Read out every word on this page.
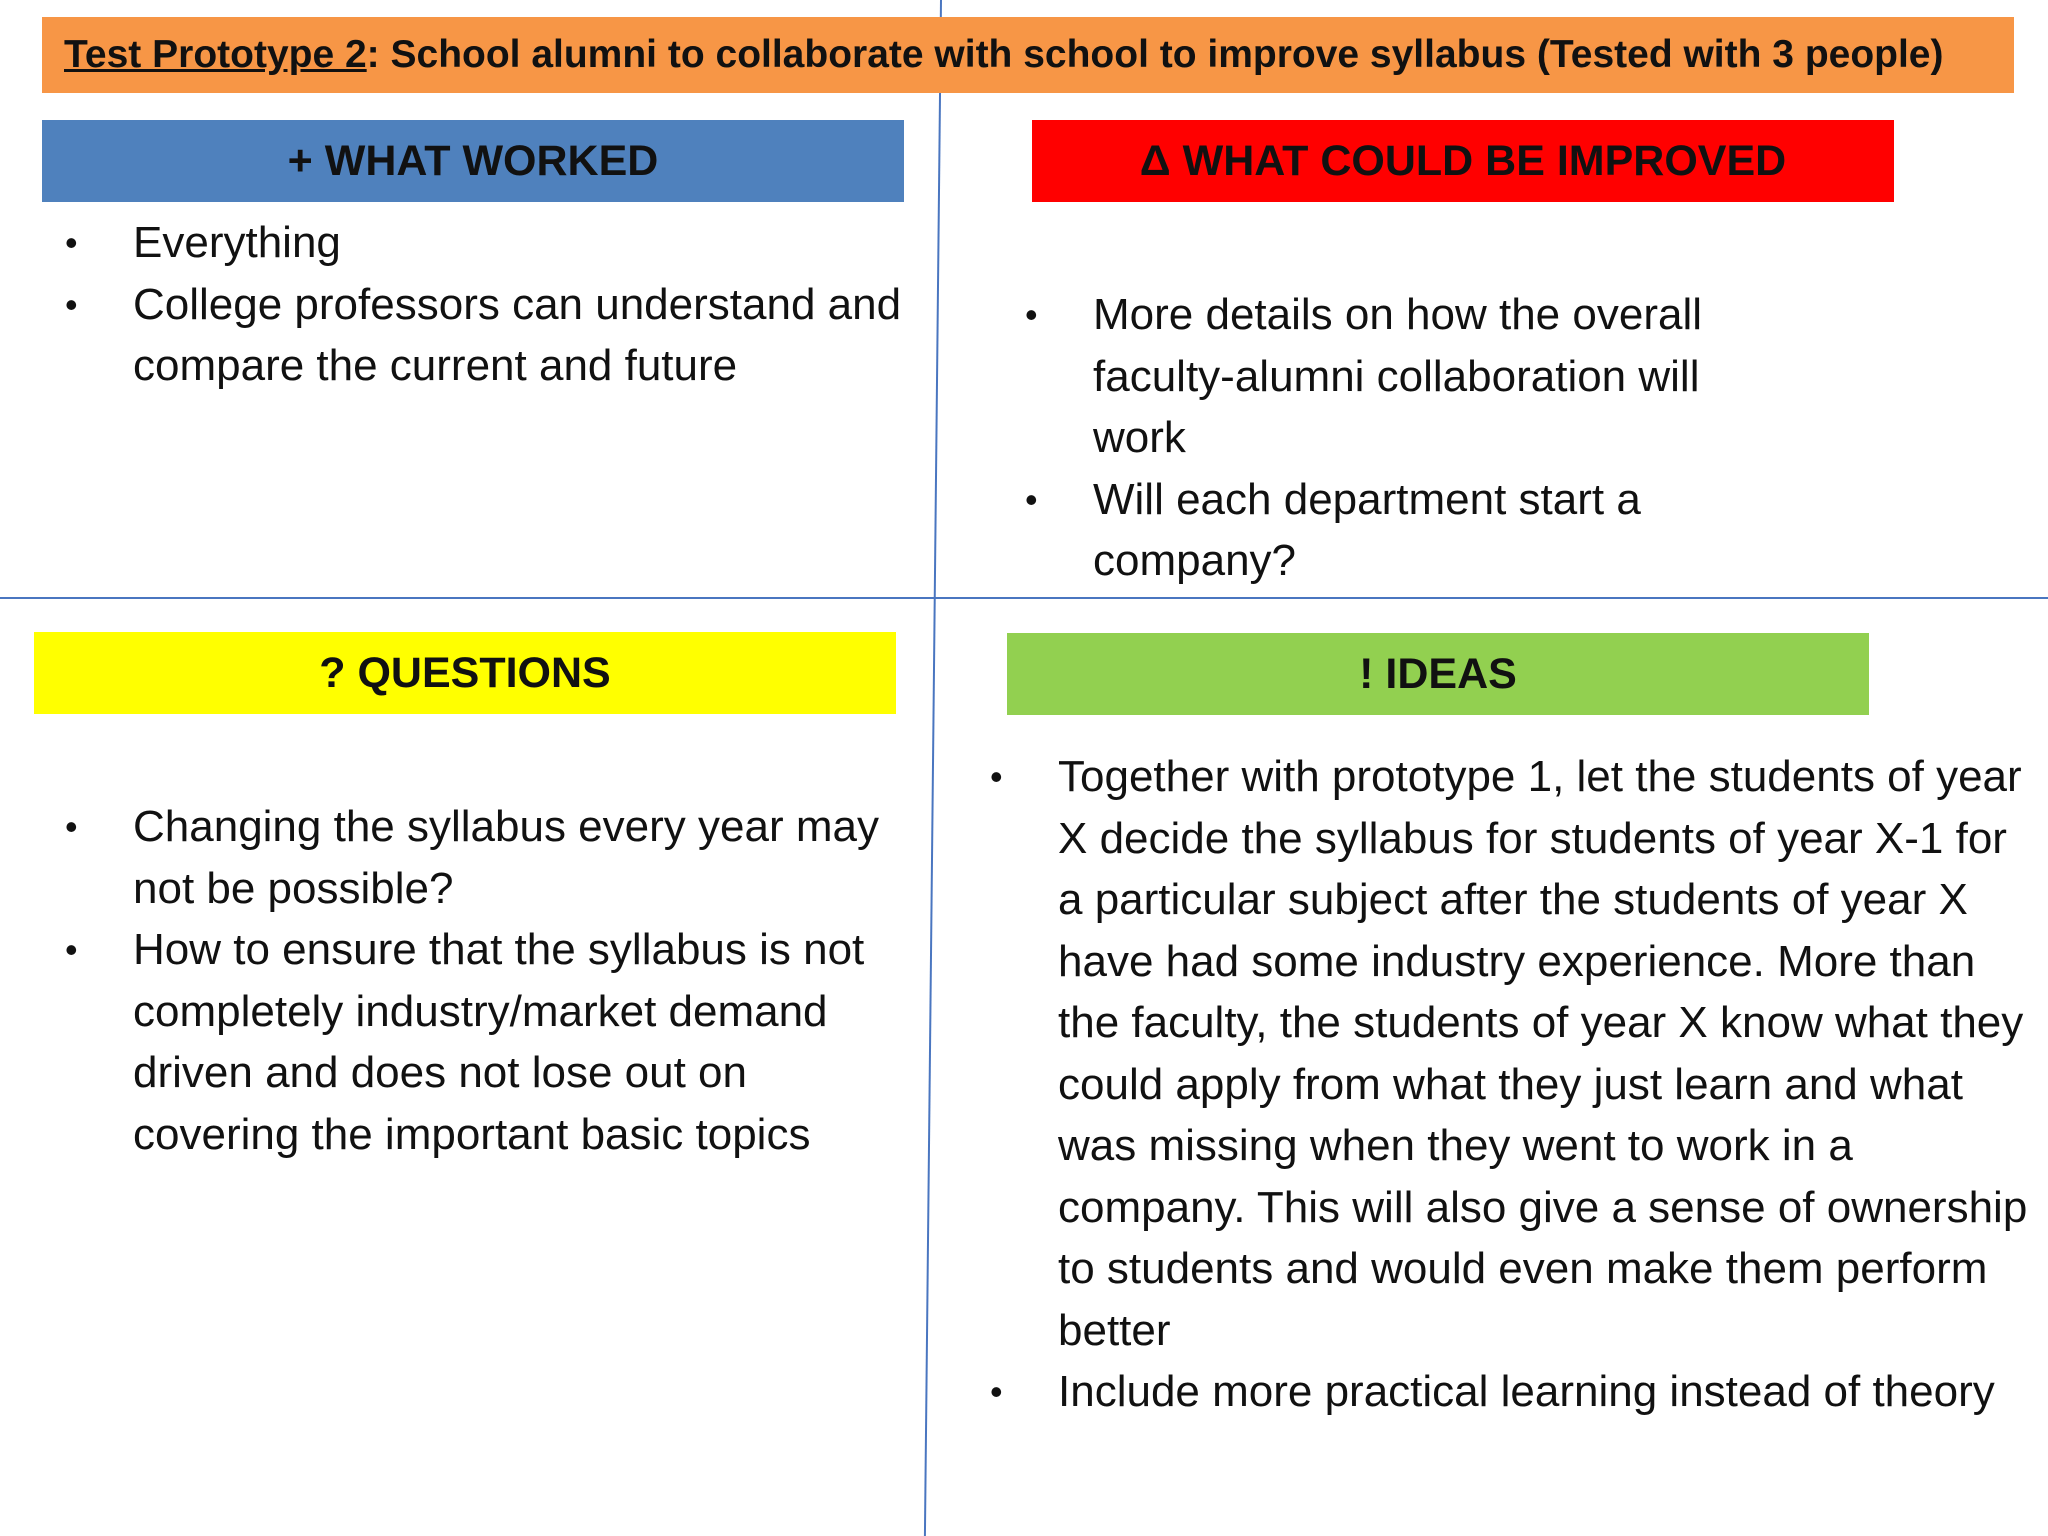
Test Prototype 2 : School alumni to collaborate with school to improve syllabus (Tested with 3 people)
+ WHAT WORKED
• Everything
• College professors can understand and compare the current and future
Δ WHAT COULD BE IMPROVED
• More details on how the overall faculty-alumni collaboration will work
• Will each department start a company?
? QUESTIONS
• Changing the syllabus every year may not be possible?
• How to ensure that the syllabus is not completely industry/market demand driven and does not lose out on covering the important basic topics
! IDEAS
• Together with prototype 1, let the students of year X decide the syllabus for students of year X-1 for a particular subject after the students of year X have had some industry experience. More than the faculty, the students of year X know what they could apply from what they just learn and what was missing when they went to work in a company. This will also give a sense of ownership to students and would even make them perform better
• Include more practical learning instead of theory
